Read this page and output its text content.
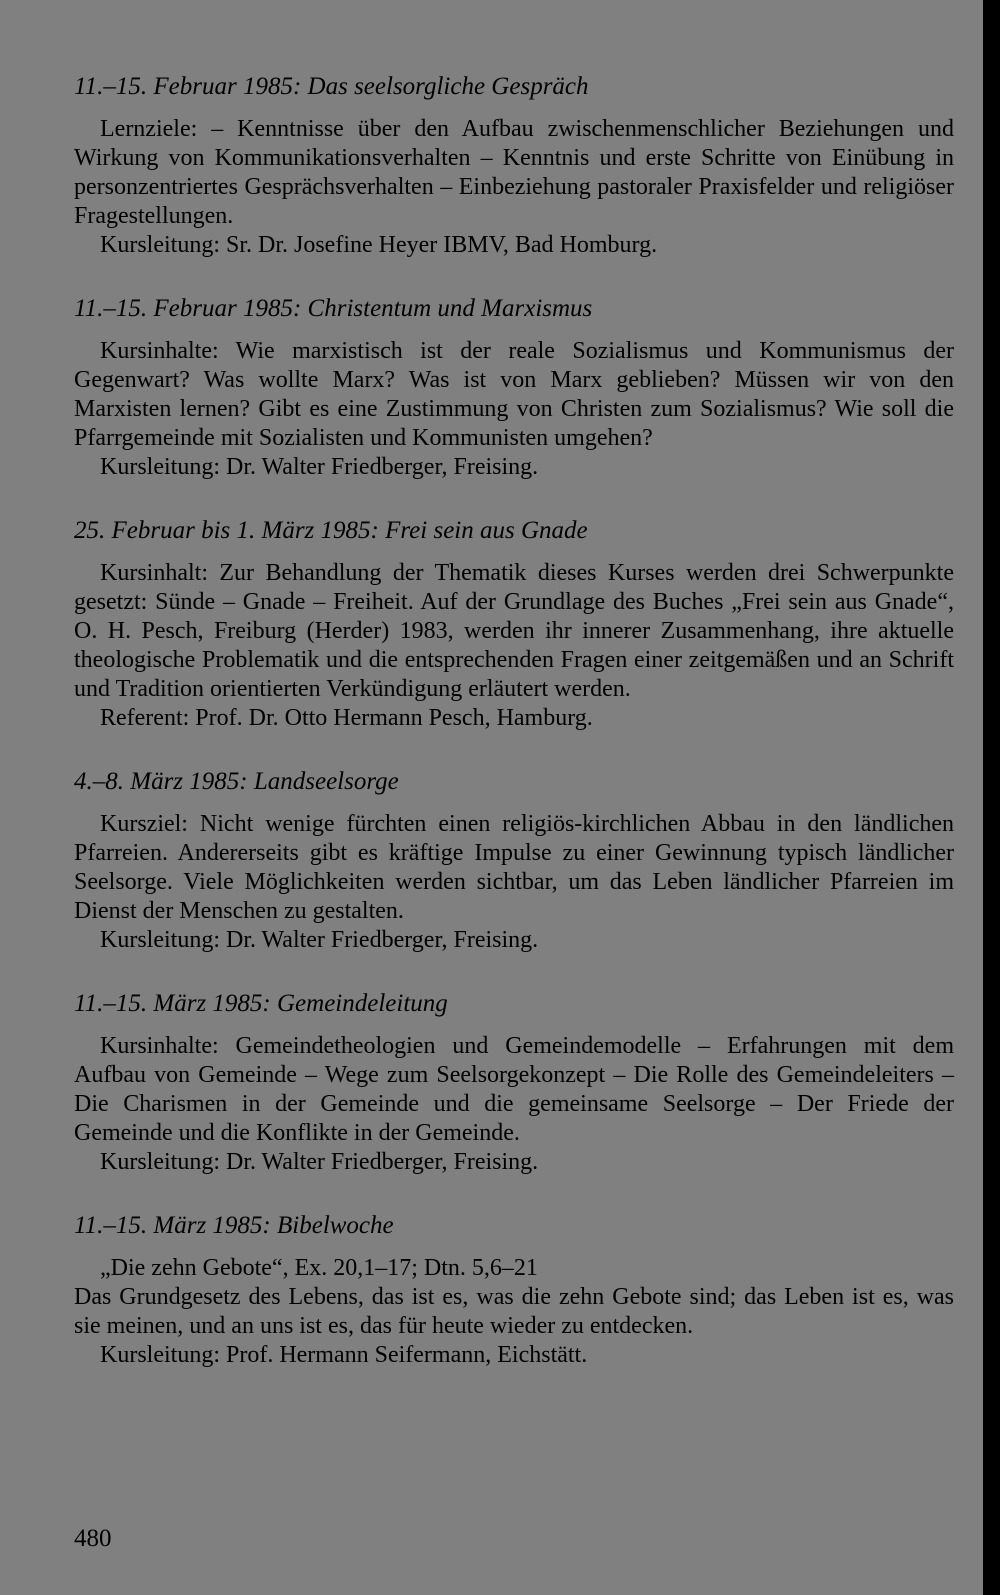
11.–15. Februar 1985: Das seelsorgliche Gespräch

Lernziele: – Kenntnisse über den Aufbau zwischenmenschlicher Beziehungen und Wirkung von Kommunikationsverhalten – Kenntnis und erste Schritte von Einübung in personzentriertes Gesprächsverhalten – Einbeziehung pastoraler Praxisfelder und religiöser Fragestellungen.

Kursleitung: Sr. Dr. Josefine Heyer IBMV, Bad Homburg.
11.–15. Februar 1985: Christentum und Marxismus

Kursinhalte: Wie marxistisch ist der reale Sozialismus und Kommunismus der Gegenwart? Was wollte Marx? Was ist von Marx geblieben? Müssen wir von den Marxisten lernen? Gibt es eine Zustimmung von Christen zum Sozialismus? Wie soll die Pfarrgemeinde mit Sozialisten und Kommunisten umgehen?

Kursleitung: Dr. Walter Friedberger, Freising.
25. Februar bis 1. März 1985: Frei sein aus Gnade

Kursinhalt: Zur Behandlung der Thematik dieses Kurses werden drei Schwerpunkte gesetzt: Sünde – Gnade – Freiheit. Auf der Grundlage des Buches „Frei sein aus Gnade“, O. H. Pesch, Freiburg (Herder) 1983, werden ihr innerer Zusammenhang, ihre aktuelle theologische Problematik und die entsprechenden Fragen einer zeitgemäßen und an Schrift und Tradition orientierten Verkündigung erläutert werden.

Referent: Prof. Dr. Otto Hermann Pesch, Hamburg.
4.–8. März 1985: Landseelsorge

Kursziel: Nicht wenige fürchten einen religiös-kirchlichen Abbau in den ländlichen Pfarreien. Andererseits gibt es kräftige Impulse zu einer Gewinnung typisch ländlicher Seelsorge. Viele Möglichkeiten werden sichtbar, um das Leben ländlicher Pfarreien im Dienst der Menschen zu gestalten.

Kursleitung: Dr. Walter Friedberger, Freising.
11.–15. März 1985: Gemeindeleitung

Kursinhalte: Gemeindetheologien und Gemeindemodelle – Erfahrungen mit dem Aufbau von Gemeinde – Wege zum Seelsorgekonzept – Die Rolle des Gemeindeleiters – Die Charismen in der Gemeinde und die gemeinsame Seelsorge – Der Friede der Gemeinde und die Konflikte in der Gemeinde.

Kursleitung: Dr. Walter Friedberger, Freising.
11.–15. März 1985: Bibelwoche
„Die zehn Gebote“, Ex. 20,1–17; Dtn. 5,6–21

Das Grundgesetz des Lebens, das ist es, was die zehn Gebote sind; das Leben ist es, was sie meinen, und an uns ist es, das für heute wieder zu entdecken.

Kursleitung: Prof. Hermann Seifermann, Eichstätt.
480
